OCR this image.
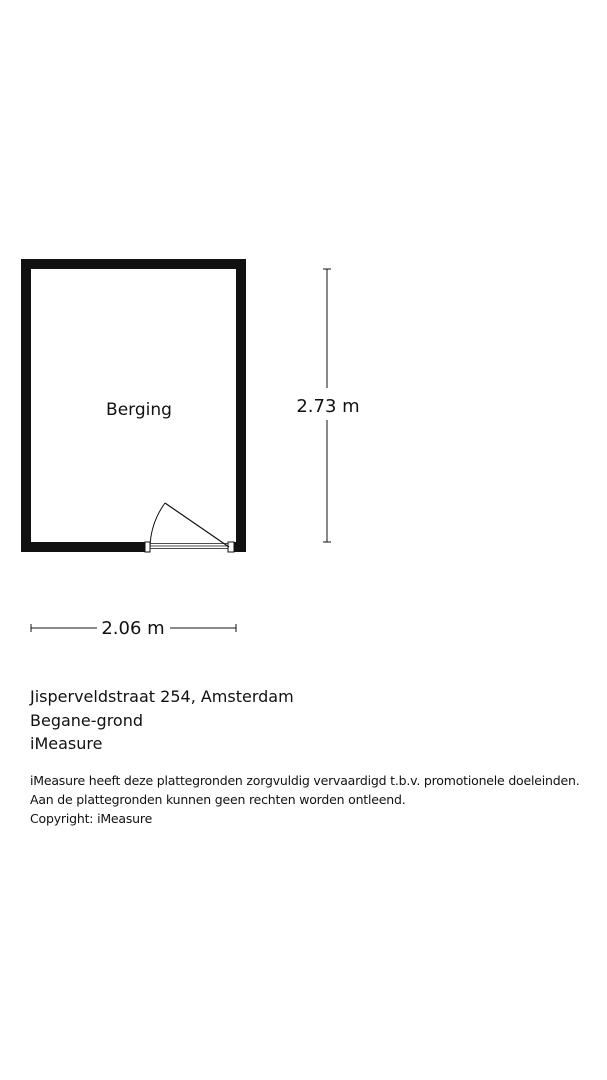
Berging	2.73 m
2.06 m
Jisperveldstraat 254, Amsterdam
Begane-grond
iMeasure
iMeasure heeft deze plattegronden zorgvuldig vervaardigd t.b.v. promotionele doeleinden.
Aan de plattegronden kunnen geen rechten worden ontleend.
Copyright: iMeasure
